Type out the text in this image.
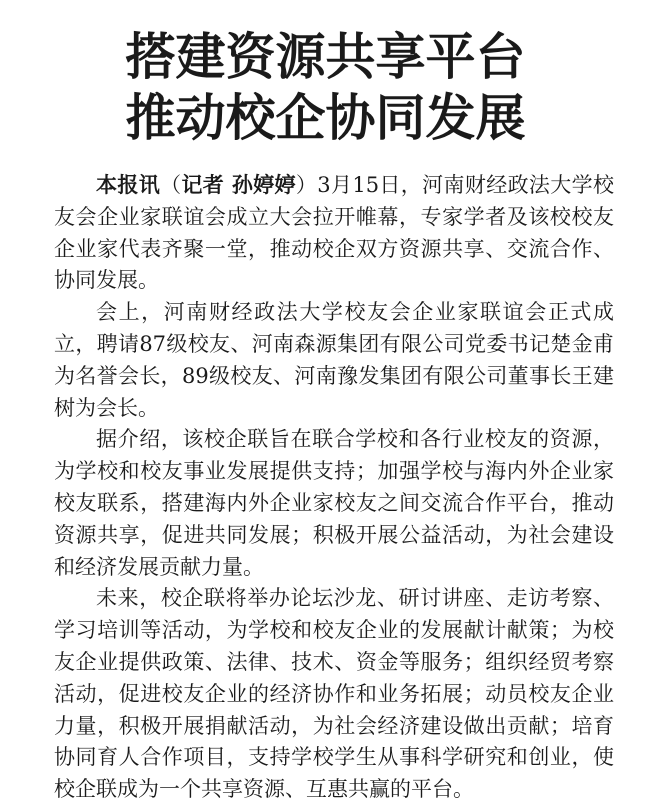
搭建资源共享平台
推动校企协同发展

本报讯（记者 孙婷婷）3月15日，河南财经政法大学校友会企业家联谊会成立大会拉开帷幕，专家学者及该校校友企业家代表齐聚一堂，推动校企双方资源共享、交流合作、协同发展。

会上，河南财经政法大学校友会企业家联谊会正式成立，聘请87级校友、河南森源集团有限公司党委书记楚金甫为名誉会长，89级校友、河南豫发集团有限公司董事长王建树为会长。

据介绍，该校企联旨在联合学校和各行业校友的资源，为学校和校友事业发展提供支持；加强学校与海内外企业家校友联系，搭建海内外企业家校友之间交流合作平台，推动资源共享，促进共同发展；积极开展公益活动，为社会建设和经济发展贡献力量。

未来，校企联将举办论坛沙龙、研讨讲座、走访考察、学习培训等活动，为学校和校友企业的发展献计献策；为校友企业提供政策、法律、技术、资金等服务；组织经贸考察活动，促进校友企业的经济协作和业务拓展；动员校友企业力量，积极开展捐献活动，为社会经济建设做出贡献；培育协同育人合作项目，支持学校学生从事科学研究和创业，使校企联成为一个共享资源、互惠共赢的平台。
